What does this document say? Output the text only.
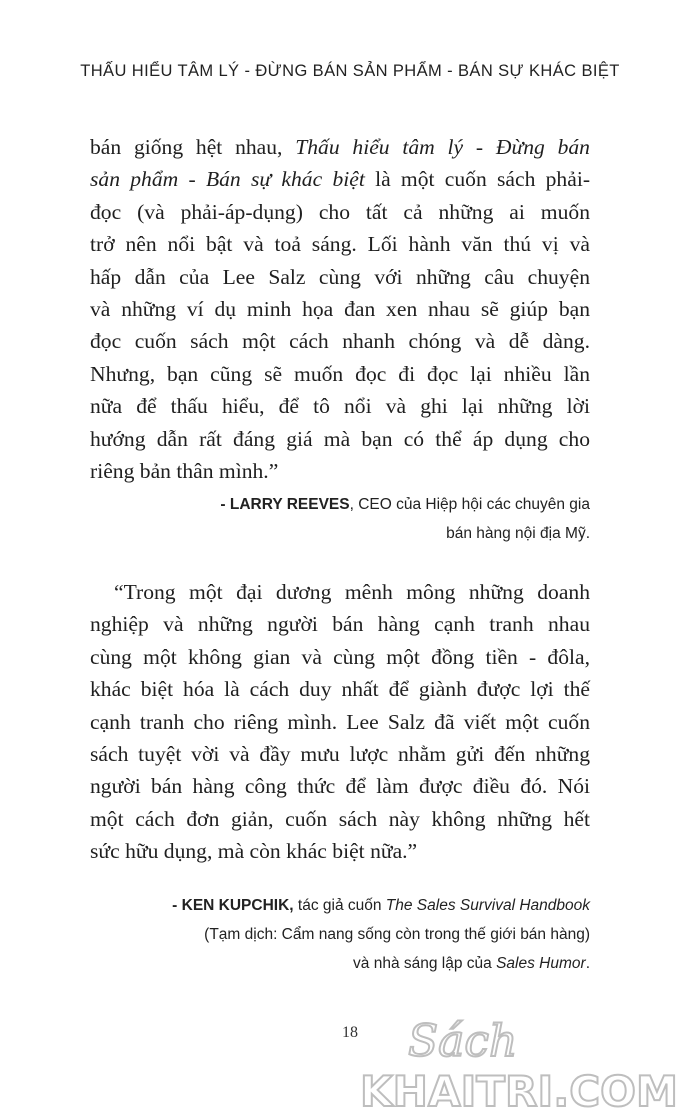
THẤU HIỂU TÂM LÝ - ĐỪNG BÁN SẢN PHẨM - BÁN SỰ KHÁC BIỆT
bán giống hệt nhau, Thấu hiểu tâm lý - Đừng bán
sản phẩm - Bán sự khác biệt là một cuốn sách phải-
đọc (và phải-áp-dụng) cho tất cả những ai muốn
trở nên nổi bật và toả sáng. Lối hành văn thú vị và
hấp dẫn của Lee Salz cùng với những câu chuyện
và những ví dụ minh họa đan xen nhau sẽ giúp bạn
đọc cuốn sách một cách nhanh chóng và dễ dàng.
Nhưng, bạn cũng sẽ muốn đọc đi đọc lại nhiều lần
nữa để thấu hiểu, để tô nổi và ghi lại những lời
hướng dẫn rất đáng giá mà bạn có thể áp dụng cho
riêng bản thân mình.”
- LARRY REEVES, CEO của Hiệp hội các chuyên gia
bán hàng nội địa Mỹ.
“Trong một đại dương mênh mông những doanh
nghiệp và những người bán hàng cạnh tranh nhau
cùng một không gian và cùng một đồng tiền - đôla,
khác biệt hóa là cách duy nhất để giành được lợi thế
cạnh tranh cho riêng mình. Lee Salz đã viết một cuốn
sách tuyệt vời và đầy mưu lược nhằm gửi đến những
người bán hàng công thức để làm được điều đó. Nói
một cách đơn giản, cuốn sách này không những hết
sức hữu dụng, mà còn khác biệt nữa.”
- KEN KUPCHIK, tác giả cuốn The Sales Survival Handbook
(Tạm dịch: Cẩm nang sống còn trong thế giới bán hàng)
và nhà sáng lập của Sales Humor.
18	Sách
KHAITRI.COM
